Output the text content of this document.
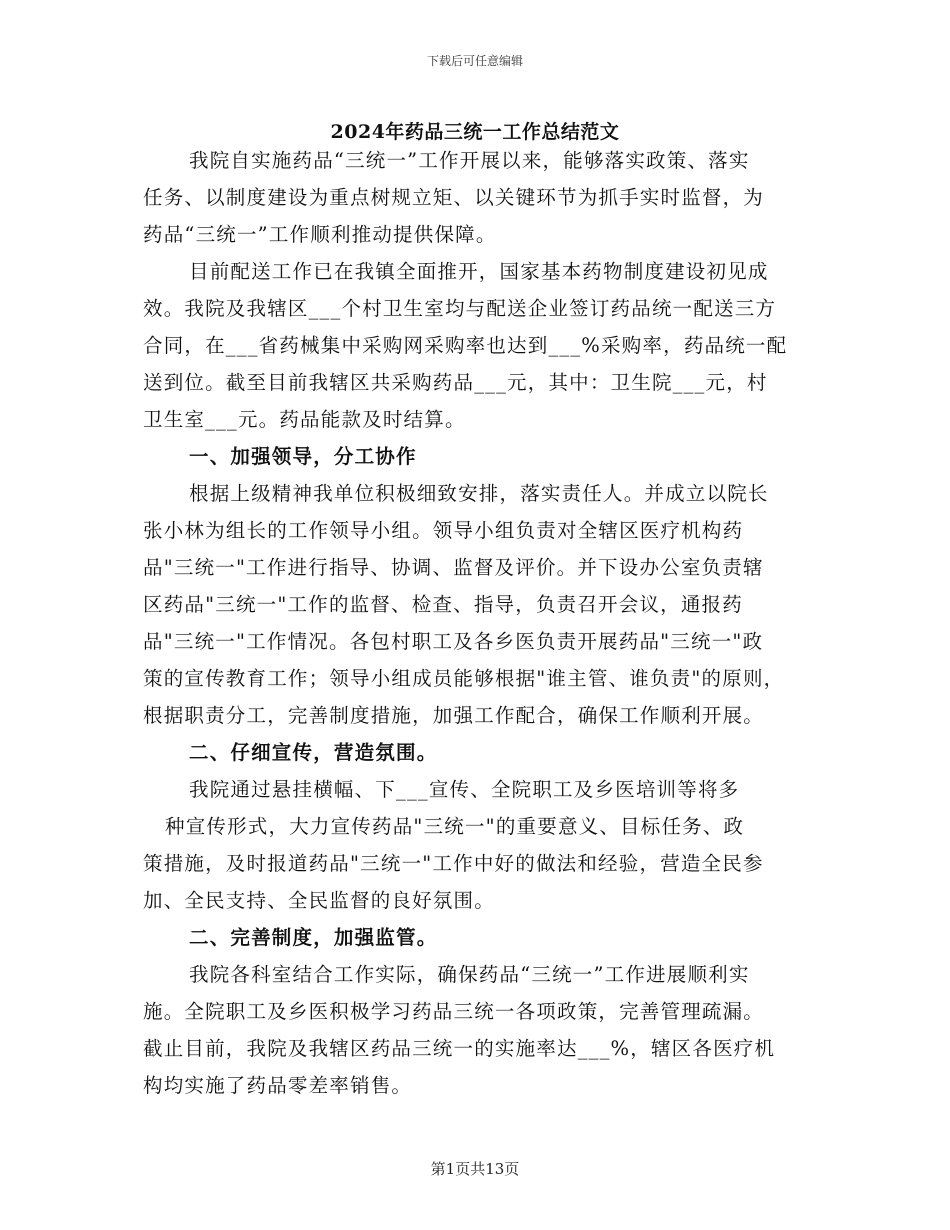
下载后可任意编辑
2024年药品三统一工作总结范文
我院自实施药品“三统一”工作开展以来，能够落实政策、落实
任务、以制度建设为重点树规立矩、以关键环节为抓手实时监督，为
药品“三统一”工作顺利推动提供保障。
目前配送工作已在我镇全面推开，国家基本药物制度建设初见成
效。我院及我辖区___个村卫生室均与配送企业签订药品统一配送三方
合同，在___省药械集中采购网采购率也达到___%采购率，药品统一配
送到位。截至目前我辖区共采购药品___元，其中：卫生院___元，村
卫生室___元。药品能款及时结算。
一、加强领导，分工协作
根据上级精神我单位积极细致安排，落实责任人。并成立以院长
张小林为组长的工作领导小组。领导小组负责对全辖区医疗机构药
品"三统一"工作进行指导、协调、监督及评价。并下设办公室负责辖
区药品"三统一"工作的监督、检查、指导，负责召开会议，通报药
品"三统一"工作情况。各包村职工及各乡医负责开展药品"三统一"政
策的宣传教育工作；领导小组成员能够根据"谁主管、谁负责"的原则，
根据职责分工，完善制度措施，加强工作配合，确保工作顺利开展。
二、仔细宣传，营造氛围。
我院通过悬挂横幅、下___宣传、全院职工及乡医培训等将多
种宣传形式，大力宣传药品"三统一"的重要意义、目标任务、政
策措施，及时报道药品"三统一"工作中好的做法和经验，营造全民参
加、全民支持、全民监督的良好氛围。
二、完善制度，加强监管。
我院各科室结合工作实际，确保药品“三统一”工作进展顺利实
施。全院职工及乡医积极学习药品三统一各项政策，完善管理疏漏。
截止目前，我院及我辖区药品三统一的实施率达___%，辖区各医疗机
构均实施了药品零差率销售。
第1页共13页
